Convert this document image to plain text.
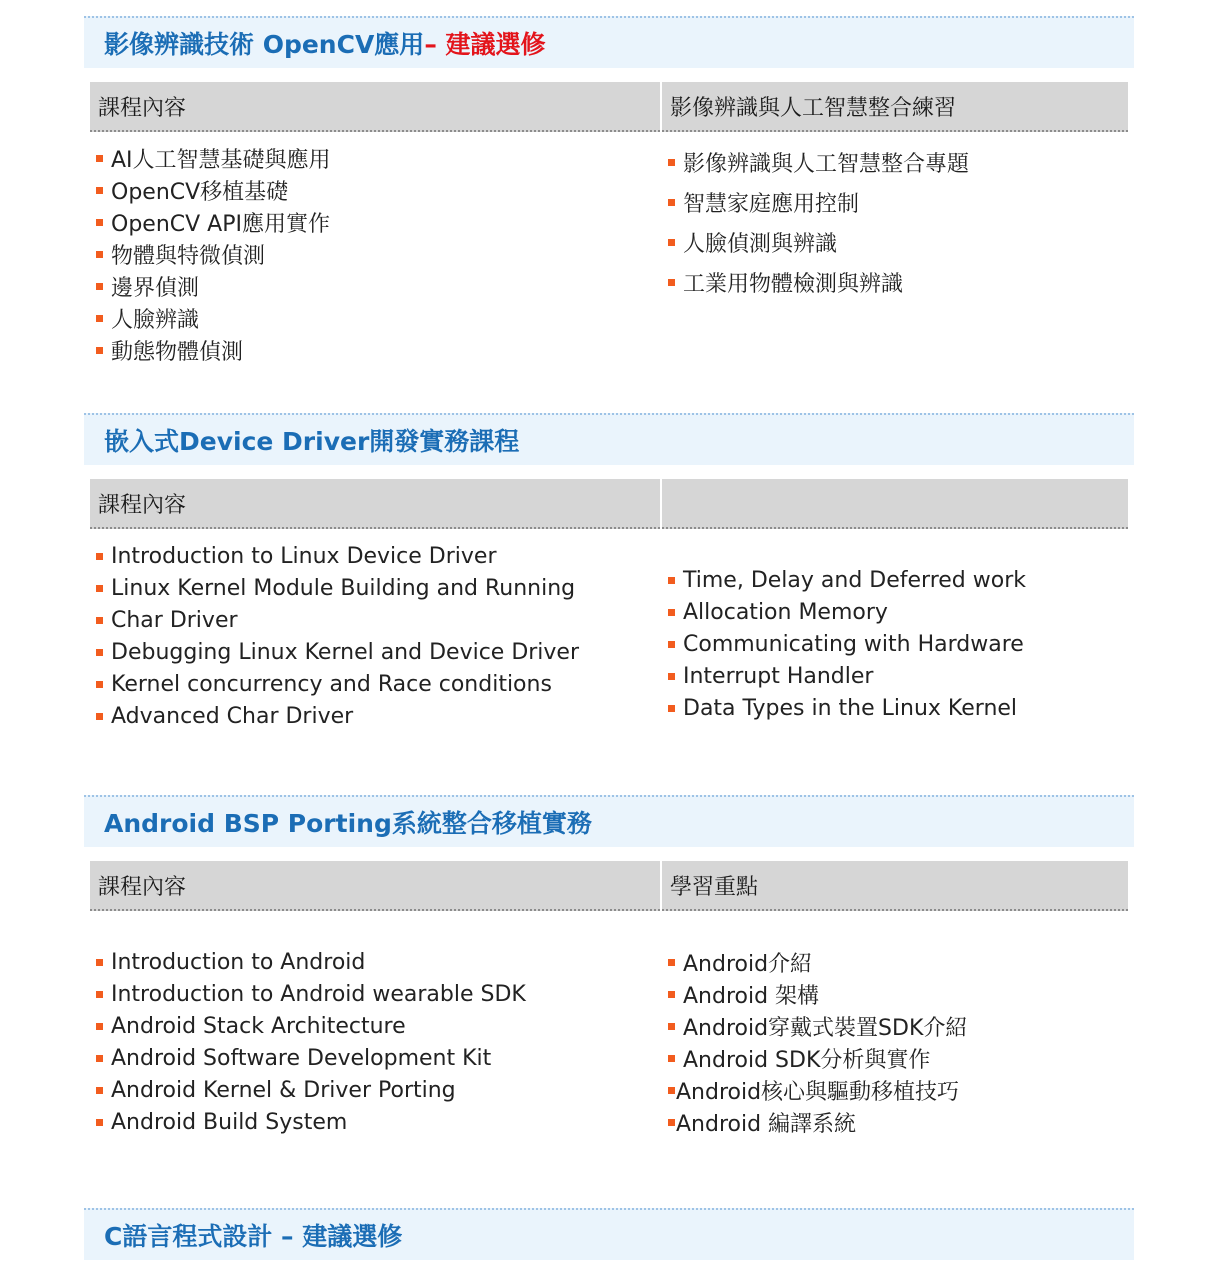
影像辨識技術 OpenCV應用 – 建議選修
課程內容	影像辨識與人工智慧整合練習
AI人工智慧基礎與應用
OpenCV移植基礎
OpenCV API應用實作
物體與特微偵測
邊界偵測
人臉辨識
動態物體偵測
影像辨識與人工智慧整合專題
智慧家庭應用控制
人臉偵測與辨識
工業用物體檢測與辨識
嵌入式Device Driver開發實務課程
課程內容
Introduction to Linux Device Driver
Linux Kernel Module Building and Running
Char Driver
Debugging Linux Kernel and Device Driver
Kernel concurrency and Race conditions
Advanced Char Driver
Time, Delay and Deferred work
Allocation Memory
Communicating with Hardware
Interrupt Handler
Data Types in the Linux Kernel
Android BSP Porting系統整合移植實務
課程內容	學習重點
Introduction to Android
Introduction to Android wearable SDK
Android Stack Architecture
Android Software Development Kit
Android Kernel & Driver Porting
Android Build System
Android介紹
Android 架構
Android穿戴式裝置SDK介紹
Android SDK分析與實作
Android核心與驅動移植技巧
Android 編譯系統
C語言程式設計 – 建議選修
